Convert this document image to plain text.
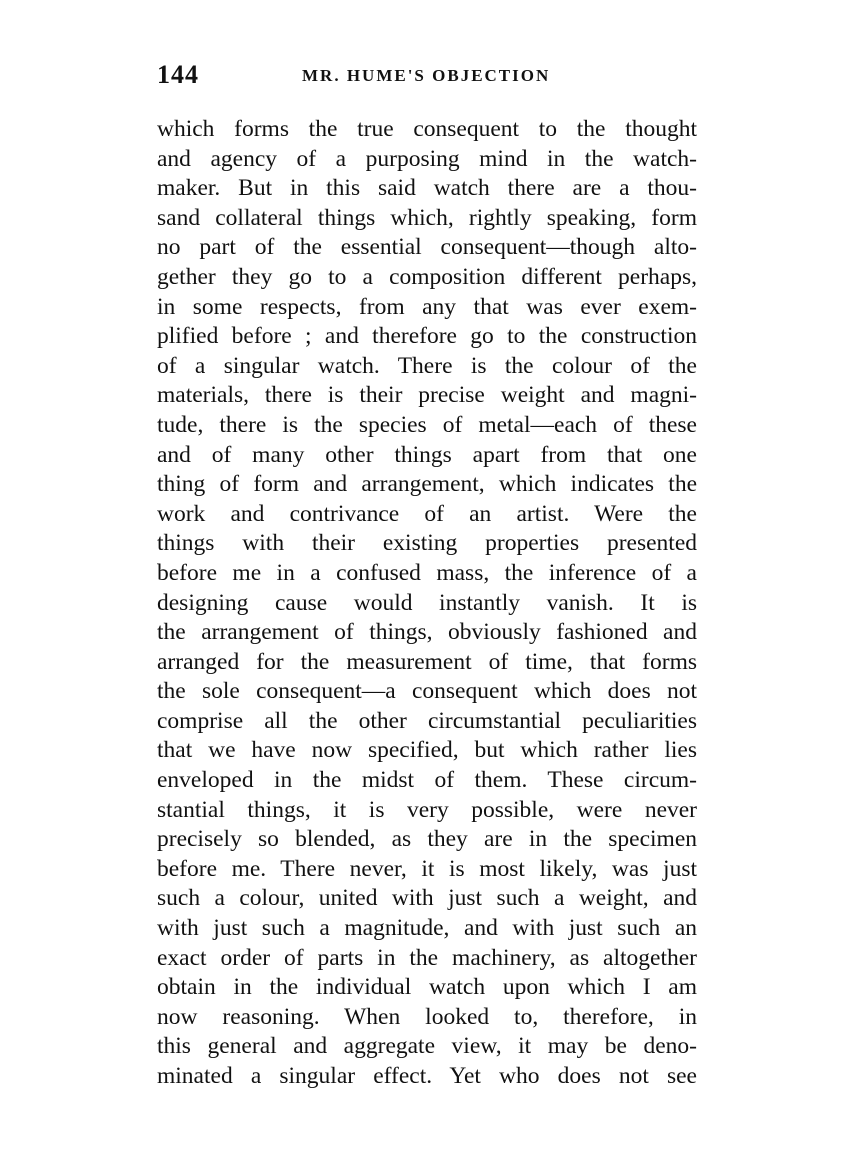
144	MR. HUME'S OBJECTION
which forms the true consequent to the thought
and agency of a purposing mind in the watch-
maker. But in this said watch there are a thou-
sand collateral things which, rightly speaking, form
no part of the essential consequent—though alto-
gether they go to a composition different perhaps,
in some respects, from any that was ever exem-
plified before ; and therefore go to the construction
of a singular watch. There is the colour of the
materials, there is their precise weight and magni-
tude, there is the species of metal—each of these
and of many other things apart from that one
thing of form and arrangement, which indicates the
work and contrivance of an artist. Were the
things with their existing properties presented
before me in a confused mass, the inference of a
designing cause would instantly vanish. It is
the arrangement of things, obviously fashioned and
arranged for the measurement of time, that forms
the sole consequent—a consequent which does not
comprise all the other circumstantial peculiarities
that we have now specified, but which rather lies
enveloped in the midst of them. These circum-
stantial things, it is very possible, were never
precisely so blended, as they are in the specimen
before me. There never, it is most likely, was just
such a colour, united with just such a weight, and
with just such a magnitude, and with just such an
exact order of parts in the machinery, as altogether
obtain in the individual watch upon which I am
now reasoning. When looked to, therefore, in
this general and aggregate view, it may be deno-
minated a singular effect. Yet who does not see
